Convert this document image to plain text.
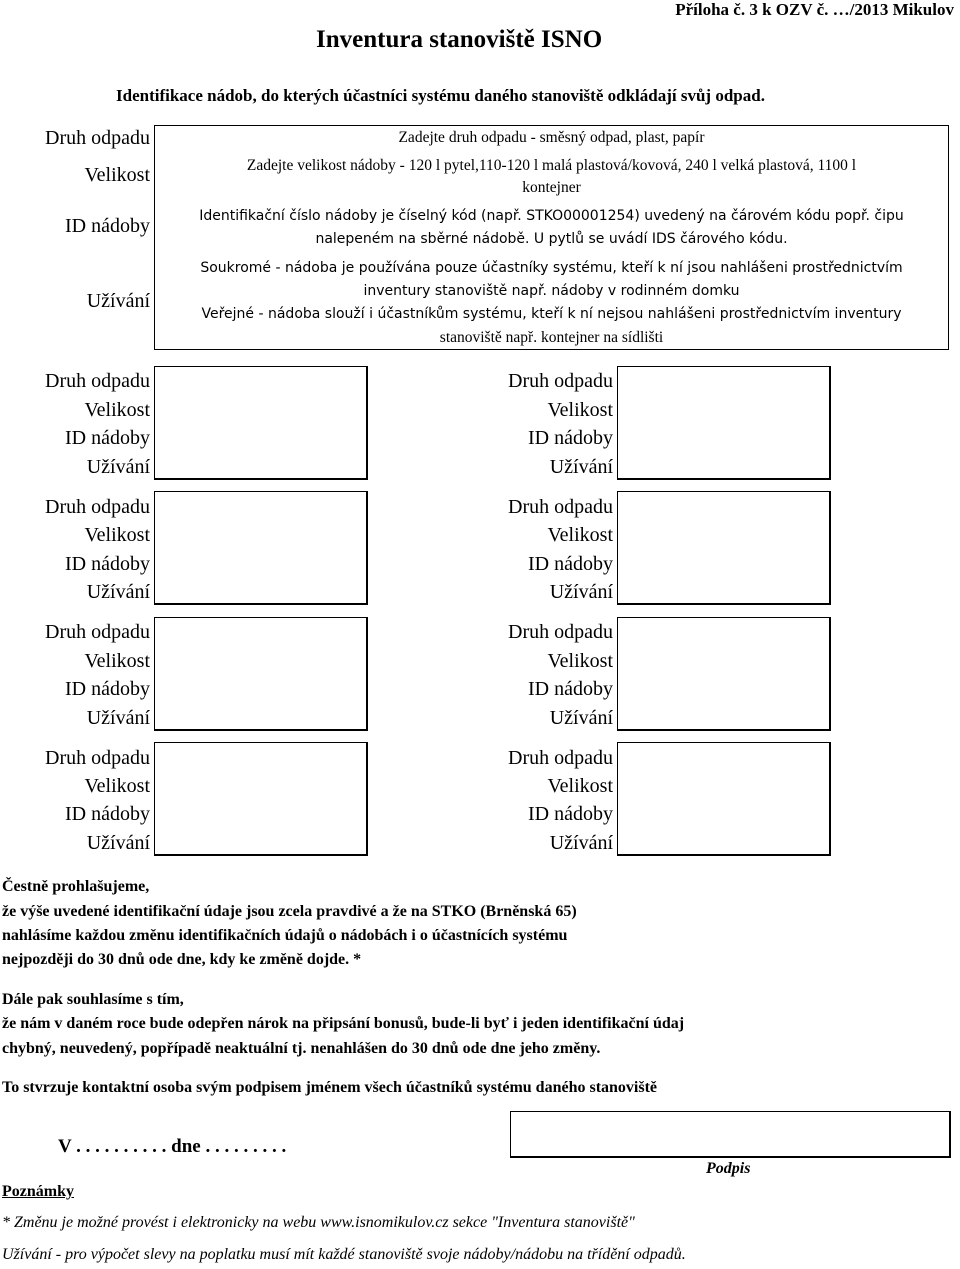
Inventura stanoviště ISNO
Příloha č. 3 k OZV č. …/2013 Mikulov
Identifikace nádob, do kterých účastníci systému daného stanoviště odkládají svůj odpad.
Druh odpadu
Velikost
ID nádoby
Užívání
Zadejte druh odpadu - směsný odpad, plast, papír
Zadejte velikost nádoby - 120 l pytel,110-120 l malá plastová/kovová, 240 l velká plastová, 1100 l
kontejner
Identifikační číslo nádoby je číselný kód (např. STKO00001254) uvedený na čárovém kódu popř. čipu
nalepeném na sběrné nádobě. U pytlů se uvádí IDS čárového kódu.
Soukromé - nádoba je používána pouze účastníky systému, kteří k ní jsou nahlášeni prostřednictvím
inventury stanoviště např. nádoby v rodinném domku
Veřejné - nádoba slouží i účastníkům systému, kteří k ní nejsou nahlášeni prostřednictvím inventury
stanoviště např. kontejner na sídlišti
Druh odpadu
Velikost
ID nádoby
Užívání
Druh odpadu
Velikost
ID nádoby
Užívání
Druh odpadu
Velikost
ID nádoby
Užívání
Druh odpadu
Velikost
ID nádoby
Užívání
Druh odpadu
Velikost
ID nádoby
Užívání
Druh odpadu
Velikost
ID nádoby
Užívání
Druh odpadu
Velikost
ID nádoby
Užívání
Druh odpadu
Velikost
ID nádoby
Užívání
Čestně prohlašujeme,
že výše uvedené identifikační údaje jsou zcela pravdivé a že na STKO (Brněnská 65)
nahlásíme každou změnu identifikačních údajů o nádobách i o účastnících systému
nejpozději do 30 dnů ode dne, kdy ke změně dojde. *
Dále pak souhlasíme s tím,
že nám v daném roce bude odepřen nárok na připsání bonusů, bude-li byť i jeden identifikační údaj
chybný, neuvedený, popřípadě neaktuální tj. nenahlášen do 30 dnů ode dne jeho změny.
To stvrzuje kontaktní osoba svým podpisem jménem všech účastníků systému daného stanoviště
V . . . . . . . . . . dne . . . . . . . . .
Podpis
Poznámky
* Změnu je možné provést i elektronicky na webu www.isnomikulov.cz sekce "Inventura stanoviště"
Užívání - pro výpočet slevy na poplatku musí mít každé stanoviště svoje nádoby/nádobu na třídění odpadů.
